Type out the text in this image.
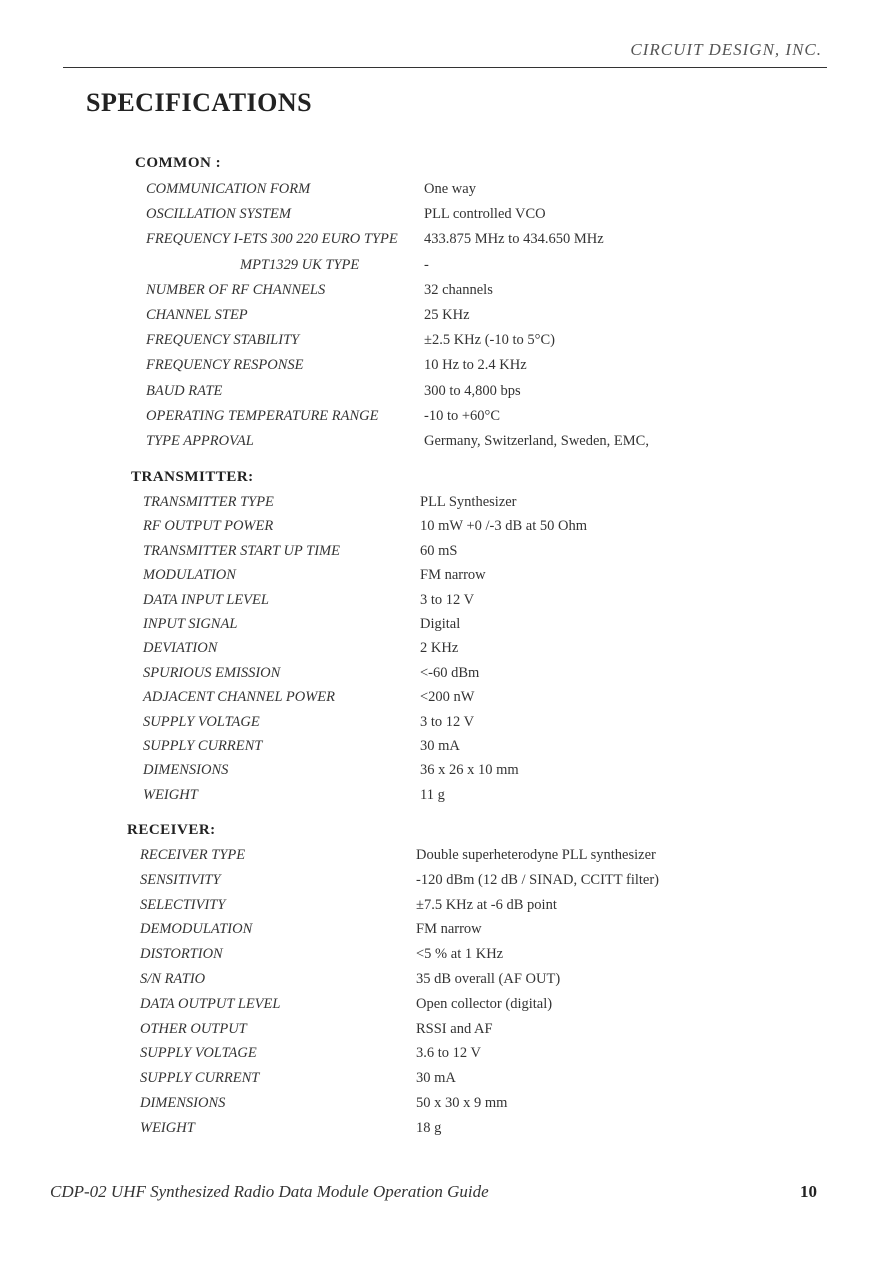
CIRCUIT DESIGN, INC.
SPECIFICATIONS
COMMON :
COMMUNICATION FORM	One way
OSCILLATION SYSTEM	PLL controlled VCO
FREQUENCY I-ETS 300 220 EURO TYPE 433.875 MHz to 434.650 MHz
MPT1329 UK TYPE	-
NUMBER OF RF CHANNELS	32 channels
CHANNEL STEP	25 KHz
FREQUENCY STABILITY	±2.5 KHz (-10 to 5°C)
FREQUENCY RESPONSE	10 Hz to 2.4 KHz
BAUD RATE	300 to 4,800 bps
OPERATING TEMPERATURE RANGE	-10 to +60°C
TYPE APPROVAL	Germany, Switzerland, Sweden, EMC,
TRANSMITTER:
TRANSMITTER TYPE	PLL Synthesizer
RF OUTPUT POWER	10 mW +0 /-3 dB at 50 Ohm
TRANSMITTER START UP TIME	60 mS
MODULATION	FM narrow
DATA INPUT LEVEL	3 to 12 V
INPUT SIGNAL	Digital
DEVIATION	2 KHz
SPURIOUS EMISSION	<-60 dBm
ADJACENT CHANNEL POWER	<200 nW
SUPPLY VOLTAGE	3 to 12 V
SUPPLY CURRENT	30 mA
DIMENSIONS	36 x 26 x 10 mm
WEIGHT	11 g
RECEIVER:
RECEIVER TYPE	Double superheterodyne PLL synthesizer
SENSITIVITY	-120 dBm (12 dB / SINAD, CCITT filter)
SELECTIVITY	±7.5 KHz at -6 dB point
DEMODULATION	FM narrow
DISTORTION	<5 % at 1 KHz
S/N RATIO	35 dB overall (AF OUT)
DATA OUTPUT LEVEL	Open collector (digital)
OTHER OUTPUT	RSSI and AF
SUPPLY VOLTAGE	3.6 to 12 V
SUPPLY CURRENT	30 mA
DIMENSIONS	50 x 30 x 9 mm
WEIGHT	18 g
CDP-02 UHF Synthesized Radio Data Module Operation Guide	10
